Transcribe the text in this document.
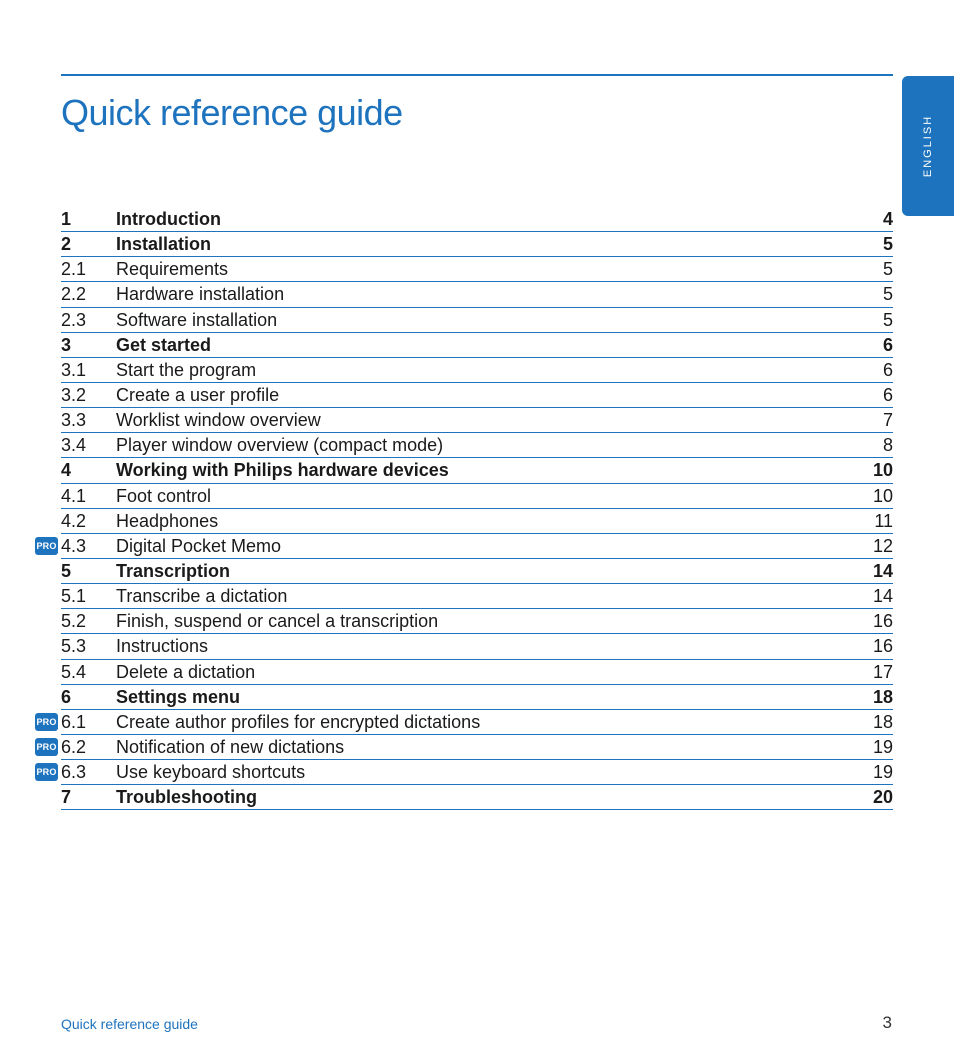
Quick reference guide
ENGLISH
1 Introduction	4
2 Installation	5
2.1 Requirements	5
2.2 Hardware installation	5
2.3 Software installation	5
3 Get started	6
3.1 Start the program	6
3.2 Create a user profile	6
3.3 Worklist window overview	7
3.4 Player window overview (compact mode)	8
4 Working with Philips hardware devices	10
4.1 Foot control	10
4.2 Headphones	11
PRO 4.3 Digital Pocket Memo	12
5 Transcription	14
5.1 Transcribe a dictation	14
5.2 Finish, suspend or cancel a transcription	16
5.3 Instructions	16
5.4 Delete a dictation	17
6 Settings menu	18
PRO 6.1 Create author profiles for encrypted dictations	18
PRO 6.2 Notification of new dictations	19
PRO 6.3 Use keyboard shortcuts	19
7 Troubleshooting	20
Quick reference guide	3
